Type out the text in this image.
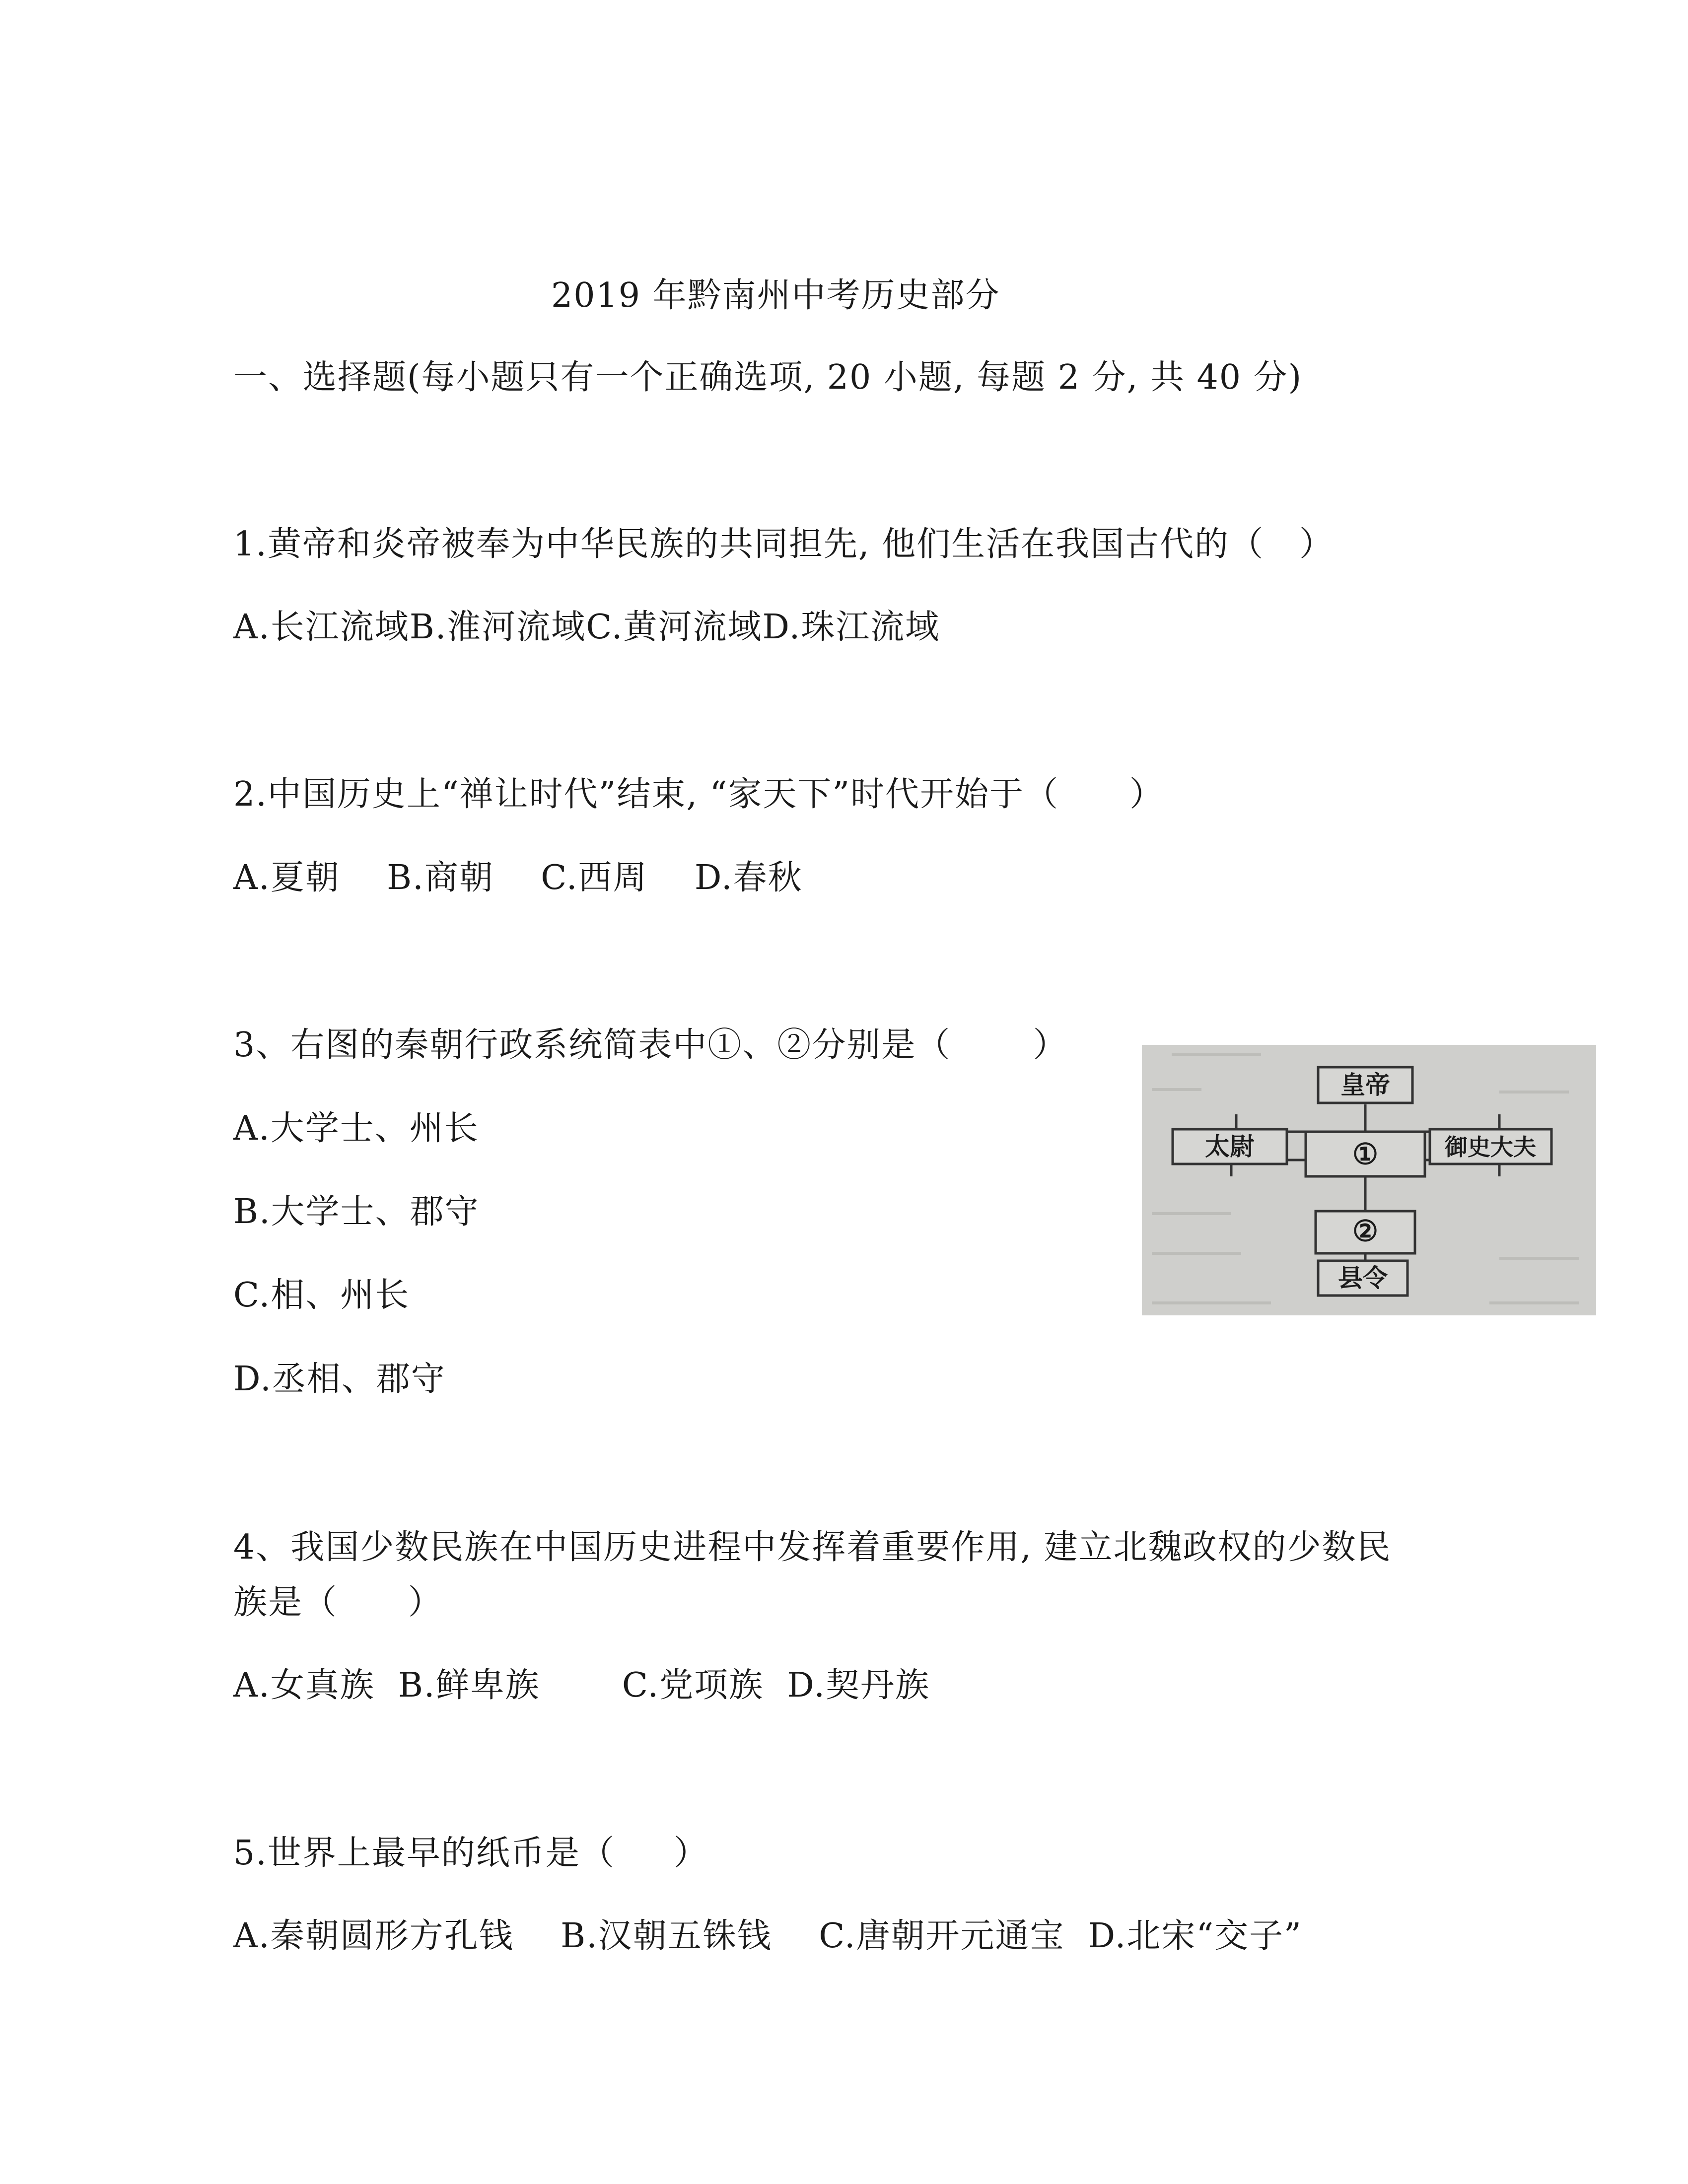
2019 年黔南州中考历史部分
一、选择题(每小题只有一个正确选项, 20 小题, 每题 2 分, 共 40 分)
1.黄帝和炎帝被奉为中华民族的共同担先, 他们生活在我国古代的（   ）
A.长江流域B.淮河流域C.黄河流域D.珠江流域
2.中国历史上“禅让时代”结束, “家天下”时代开始于（      ）
A.夏朝    B.商朝    C.西周    D.春秋
3、右图的秦朝行政系统简表中①、②分别是（       ）
A.大学士、州长
B.大学士、郡守
C.相、州长
D.丞相、郡守
皇帝
太尉	①	御史大夫
②
县令
4、我国少数民族在中国历史进程中发挥着重要作用, 建立北魏政权的少数民
族是（      ）
A.女真族  B.鲜卑族       C.党项族  D.契丹族
5.世界上最早的纸币是（     ）
A.秦朝圆形方孔钱    B.汉朝五铢钱    C.唐朝开元通宝  D.北宋“交子”
